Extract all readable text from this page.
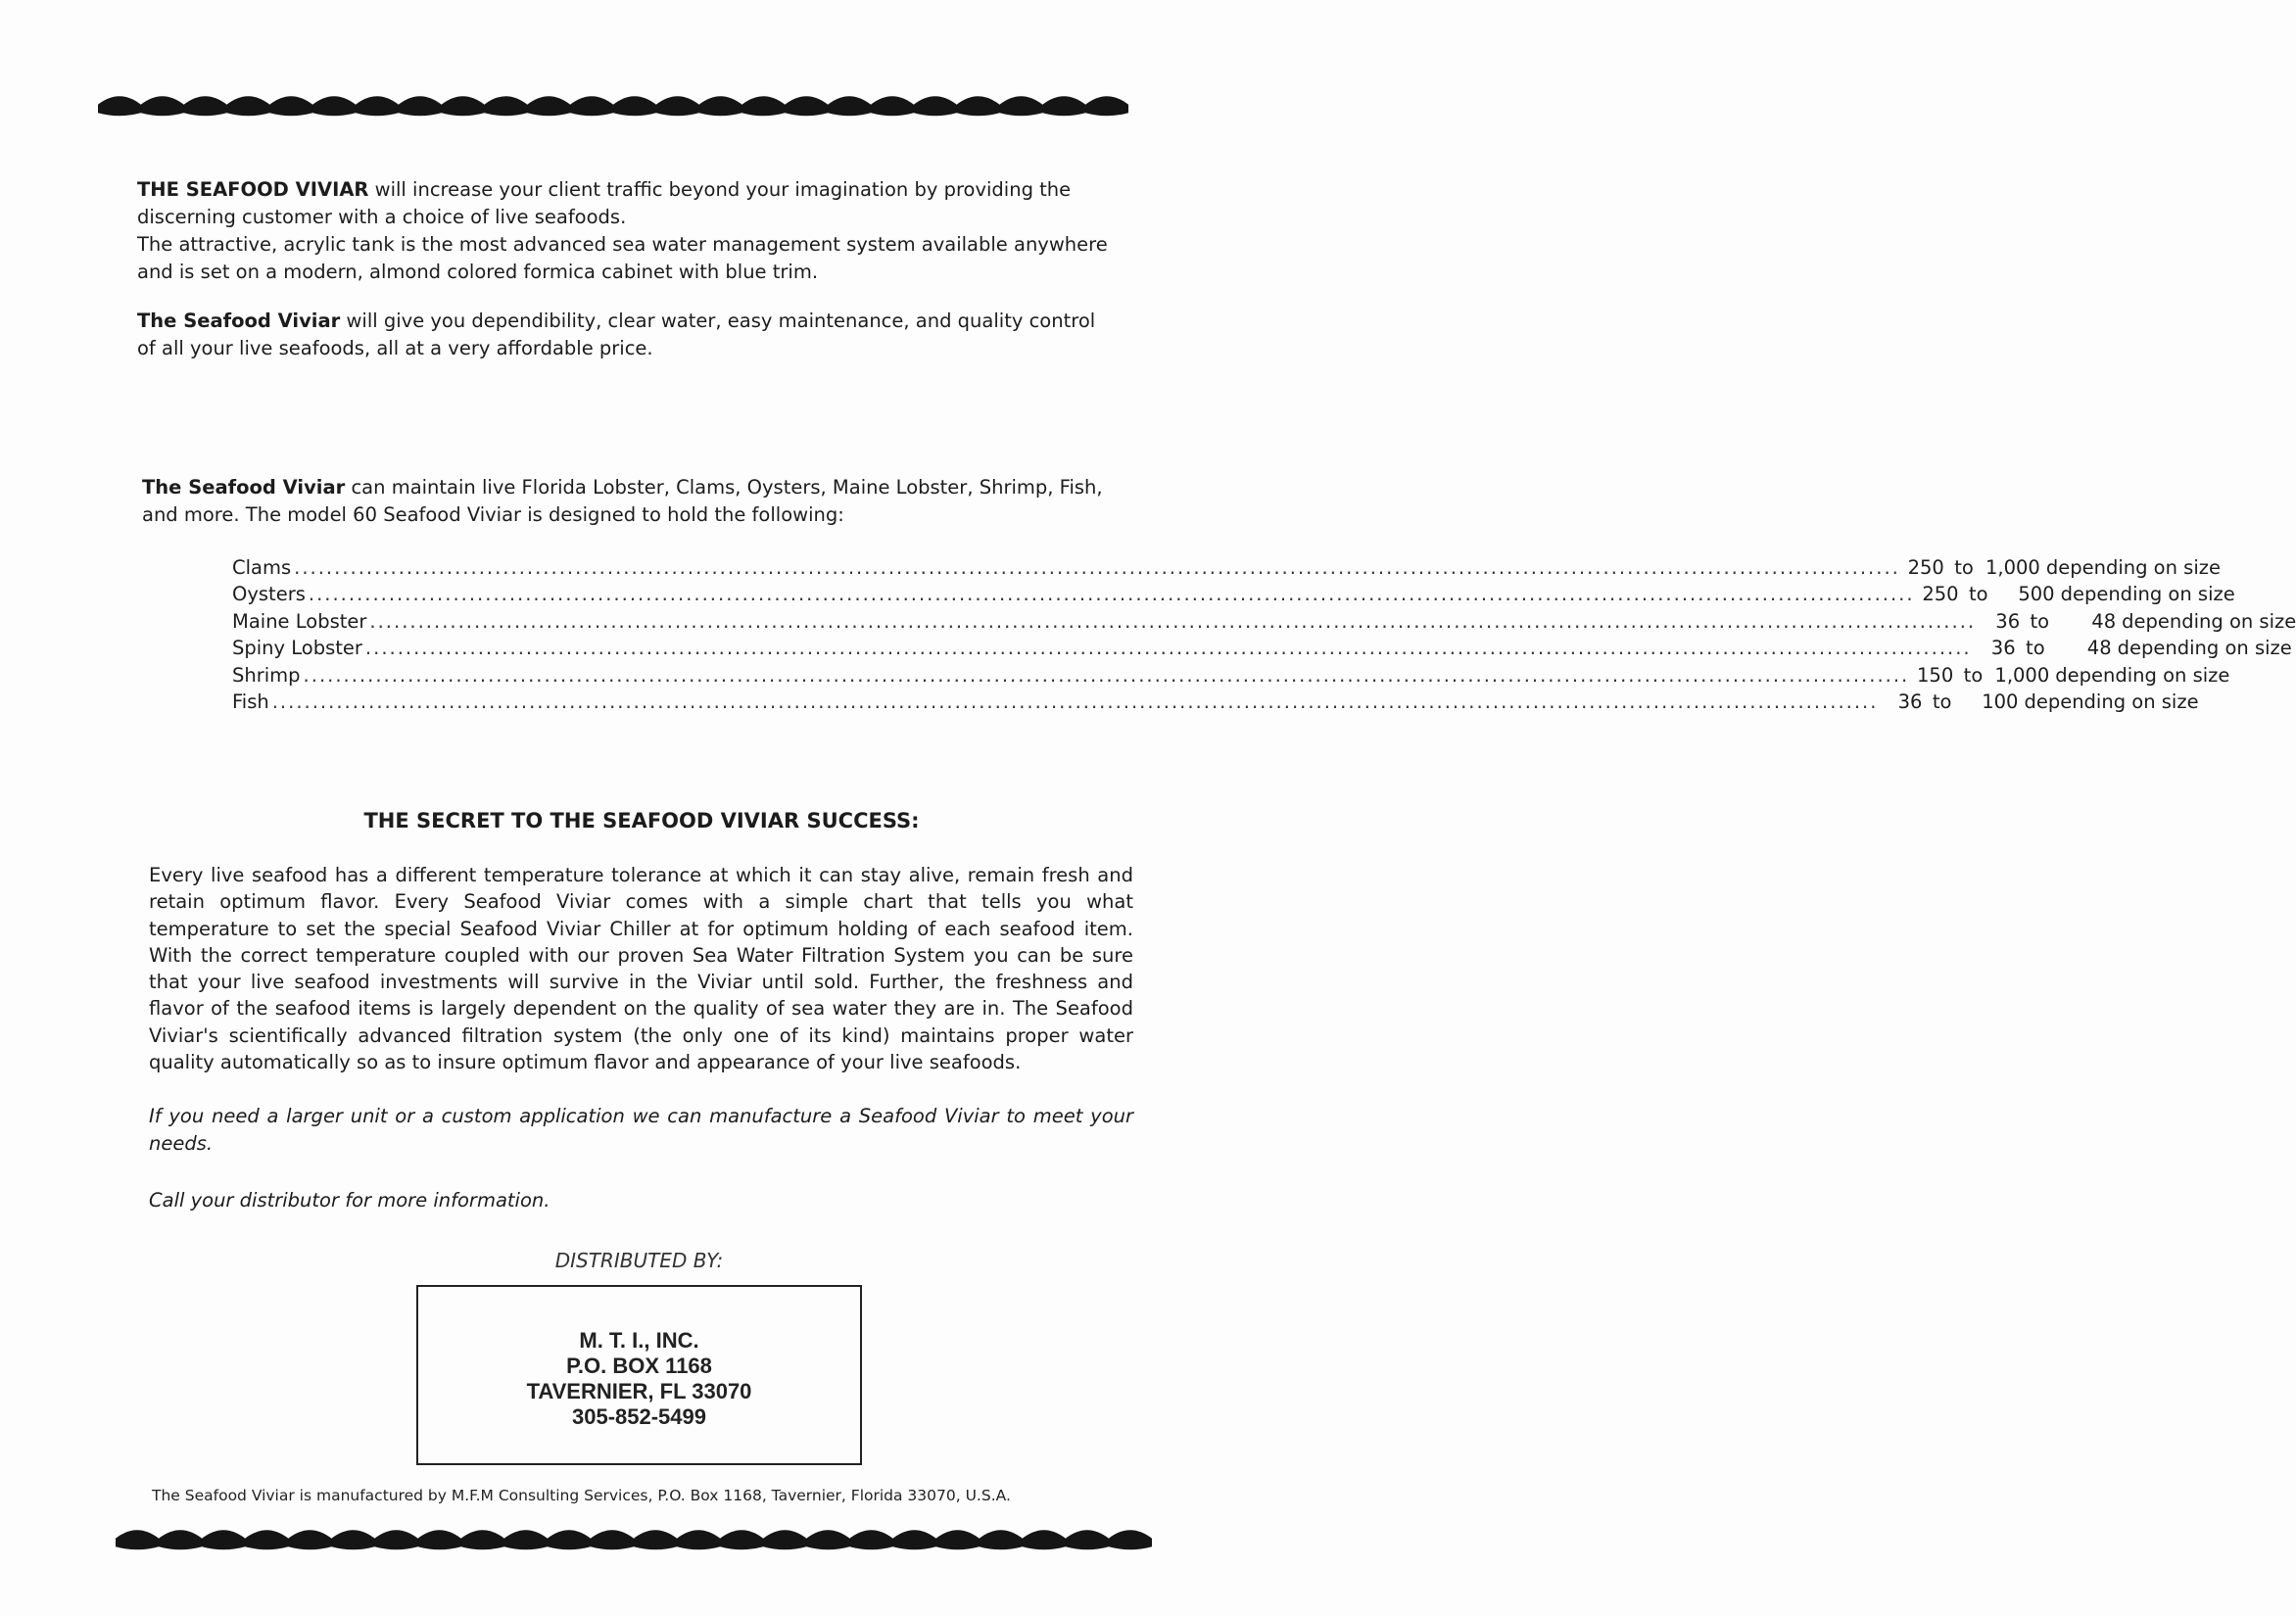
THE SEAFOOD VIVIAR will increase your client traffic beyond your imagination by providing the discerning customer with a choice of live seafoods.
The attractive, acrylic tank is the most advanced sea water management system available anywhere and is set on a modern, almond colored formica cabinet with blue trim.

The Seafood Viviar will give you dependibility, clear water, easy maintenance, and quality control of all your live seafoods, all at a very affordable price.

The Seafood Viviar can maintain live Florida Lobster, Clams, Oysters, Maine Lobster, Shrimp, Fish, and more. The model 60 Seafood Viviar is designed to hold the following:

Clams ........................................................................................................................................................................................................ 250 to 1,000 depending on size
Oysters ........................................................................................................................................................................................................ 250 to	500 depending on size
Maine Lobster ........................................................................................................................................................................................................	36 to	48 depending on size
Spiny Lobster ........................................................................................................................................................................................................	36 to	48 depending on size
Shrimp ........................................................................................................................................................................................................ 150 to 1,000 depending on size
Fish ........................................................................................................................................................................................................	36 to	100 depending on size
THE SECRET TO THE SEAFOOD VIVIAR SUCCESS:

Every live seafood has a different temperature tolerance at which it can stay alive, remain fresh and retain optimum flavor. Every Seafood Viviar comes with a simple chart that tells you what temperature to set the special Seafood Viviar Chiller at for optimum holding of each seafood item. With the correct temperature coupled with our proven Sea Water Filtration System you can be sure that your live seafood investments will survive in the Viviar until sold. Further, the freshness and flavor of the seafood items is largely dependent on the quality of sea water they are in. The Seafood Viviar's scientifically advanced filtration system (the only one of its kind) maintains proper water quality automatically so as to insure optimum flavor and appearance of your live seafoods.

If you need a larger unit or a custom application we can manufacture a Seafood Viviar to meet your needs.

Call your distributor for more information.

DISTRIBUTED BY:

M. T. I., INC.
P.O. BOX 1168
TAVERNIER, FL 33070
305-852-5499

The Seafood Viviar is manufactured by M.F.M Consulting Services, P.O. Box 1168, Tavernier, Florida 33070, U.S.A.
